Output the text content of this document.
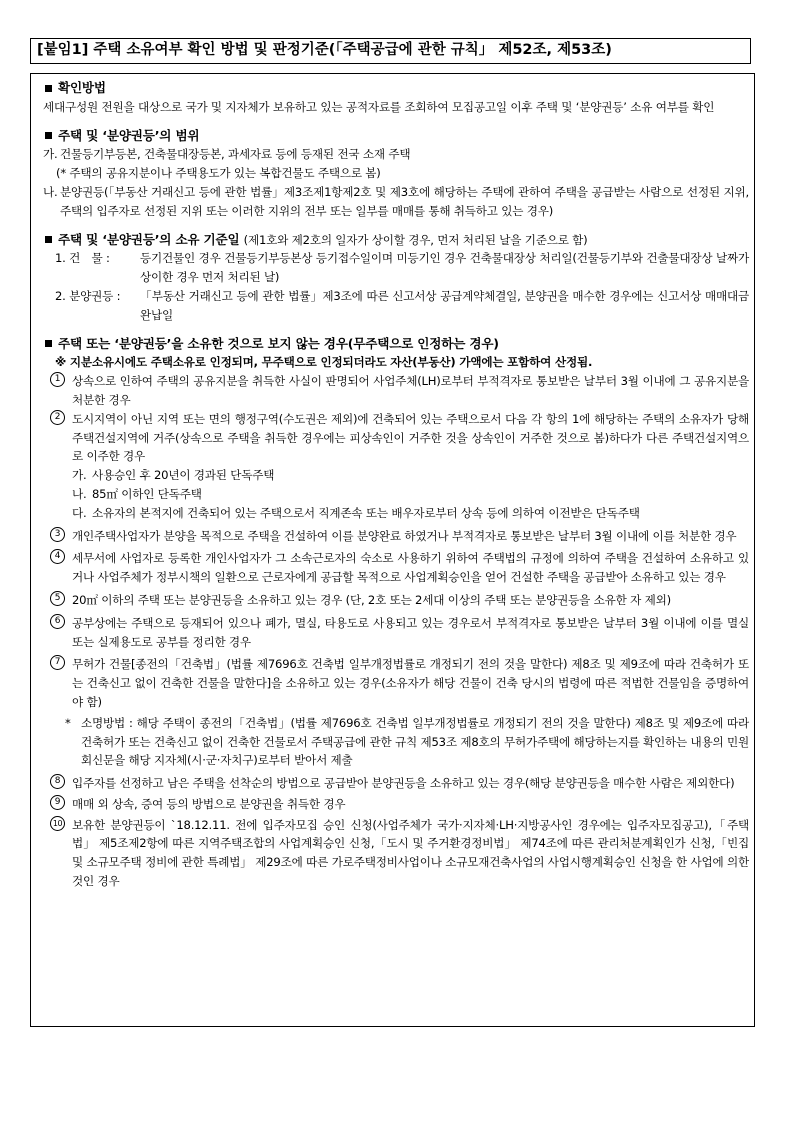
[붙임1] 주택 소유여부 확인 방법 및 판정기준(「주택공급에 관한 규칙」 제52조, 제53조)
확인방법
세대구성원 전원을 대상으로 국가 및 지자체가 보유하고 있는 공적자료를 조회하여 모집공고일 이후 주택 및 ‘분양권등’ 소유 여부를 확인
주택 및 ‘분양권등’의 범위
가. 건물등기부등본, 건축물대장등본, 과세자료 등에 등재된 전국 소재 주택
(* 주택의 공유지분이나 주택용도가 있는 복합건물도 주택으로 봄)
나. 분양권등(「부동산 거래신고 등에 관한 법률」제3조제1항제2호 및 제3호에 해당하는 주택에 관하여 주택을 공급받는 사람으로 선정된 지위, 주택의 입주자로 선정된 지위 또는 이러한 지위의 전부 또는 일부를 매매를 통해 취득하고 있는 경우)
주택 및 ‘분양권등’의 소유 기준일 (제1호와 제2호의 일자가 상이할 경우, 먼저 처리된 날을 기준으로 함)
1. 건　물 :	등기건물인 경우 건물등기부등본상 등기접수일이며 미등기인 경우 건축물대장상 처리일(건물등기부와 건출물대장상 날짜가 상이한 경우 먼저 처리된 날)
2. 분양권등 : 「부동산 거래신고 등에 관한 법률」제3조에 따른 신고서상 공급계약체결일, 분양권을 매수한 경우에는 신고서상 매매대금 완납일
주택 또는 ‘분양권등’을 소유한 것으로 보지 않는 경우(무주택으로 인정하는 경우)
※ 지분소유시에도 주택소유로 인정되며, 무주택으로 인정되더라도 자산(부동산) 가액에는 포함하여 산정됨.
1	상속으로 인하여 주택의 공유지분을 취득한 사실이 판명되어 사업주체(LH)로부터 부적격자로 통보받은 날부터 3월 이내에 그 공유지분을 처분한 경우
2	도시지역이 아닌 지역 또는 면의 행정구역(수도권은 제외)에 건축되어 있는 주택으로서 다음 각 항의 1에 해당하는 주택의 소유자가 당해주택건설지역에 거주(상속으로 주택을 취득한 경우에는 피상속인이 거주한 것을 상속인이 거주한 것으로 봄)하다가 다른 주택건설지역으로 이주한 경우
가. 사용승인 후 20년이 경과된 단독주택
나. 85㎡ 이하인 단독주택
다. 소유자의 본적지에 건축되어 있는 주택으로서 직계존속 또는 배우자로부터 상속 등에 의하여 이전받은 단독주택
3	개인주택사업자가 분양을 목적으로 주택을 건설하여 이를 분양완료 하였거나 부적격자로 통보받은 날부터 3월 이내에 이를 처분한 경우
4	세무서에 사업자로 등록한 개인사업자가 그 소속근로자의 숙소로 사용하기 위하여 주택법의 규정에 의하여 주택을 건설하여 소유하고 있거나 사업주체가 정부시책의 일환으로 근로자에게 공급할 목적으로 사업계획승인을 얻어 건설한 주택을 공급받아 소유하고 있는 경우
5	20㎡ 이하의 주택 또는 분양권등을 소유하고 있는 경우 (단, 2호 또는 2세대 이상의 주택 또는 분양권등을 소유한 자 제외)
6	공부상에는 주택으로 등재되어 있으나 폐가, 멸실, 타용도로 사용되고 있는 경우로서 부적격자로 통보받은 날부터 3월 이내에 이를 멸실 또는 실제용도로 공부를 정리한 경우
7	무허가 건물[종전의「건축법」(법률 제7696호 건축법 일부개정법률로 개정되기 전의 것을 말한다) 제8조 및 제9조에 따라 건축허가 또는 건축신고 없이 건축한 건물을 말한다]을 소유하고 있는 경우(소유자가 해당 건물이 건축 당시의 법령에 따른 적법한 건물임을 증명하여야 함)
* 소명방법 : 해당 주택이 종전의「건축법」(법률 제7696호 건축법 일부개정법률로 개정되기 전의 것을 말한다) 제8조 및 제9조에 따라 건축허가 또는 건축신고 없이 건축한 건물로서 주택공급에 관한 규칙 제53조 제8호의 무허가주택에 해당하는지를 확인하는 내용의 민원회신문을 해당 지자체(시·군·자치구)로부터 받아서 제출
8	입주자를 선정하고 남은 주택을 선착순의 방법으로 공급받아 분양권등을 소유하고 있는 경우(해당 분양권등을 매수한 사람은 제외한다)
9	매매 외 상속, 증여 등의 방법으로 분양권을 취득한 경우
10 보유한 분양권등이 `18.12.11. 전에 입주자모집 승인 신청(사업주체가 국가·지자체·LH·지방공사인 경우에는 입주자모집공고),「주택법」 제5조제2항에 따른 지역주택조합의 사업계획승인 신청,「도시 및 주거환경정비법」 제74조에 따른 관리처분계획인가 신청,「빈집 및 소규모주택 정비에 관한 특례법」 제29조에 따른 가로주택정비사업이나 소규모재건축사업의 사업시행계획승인 신청을 한 사업에 의한 것인 경우
